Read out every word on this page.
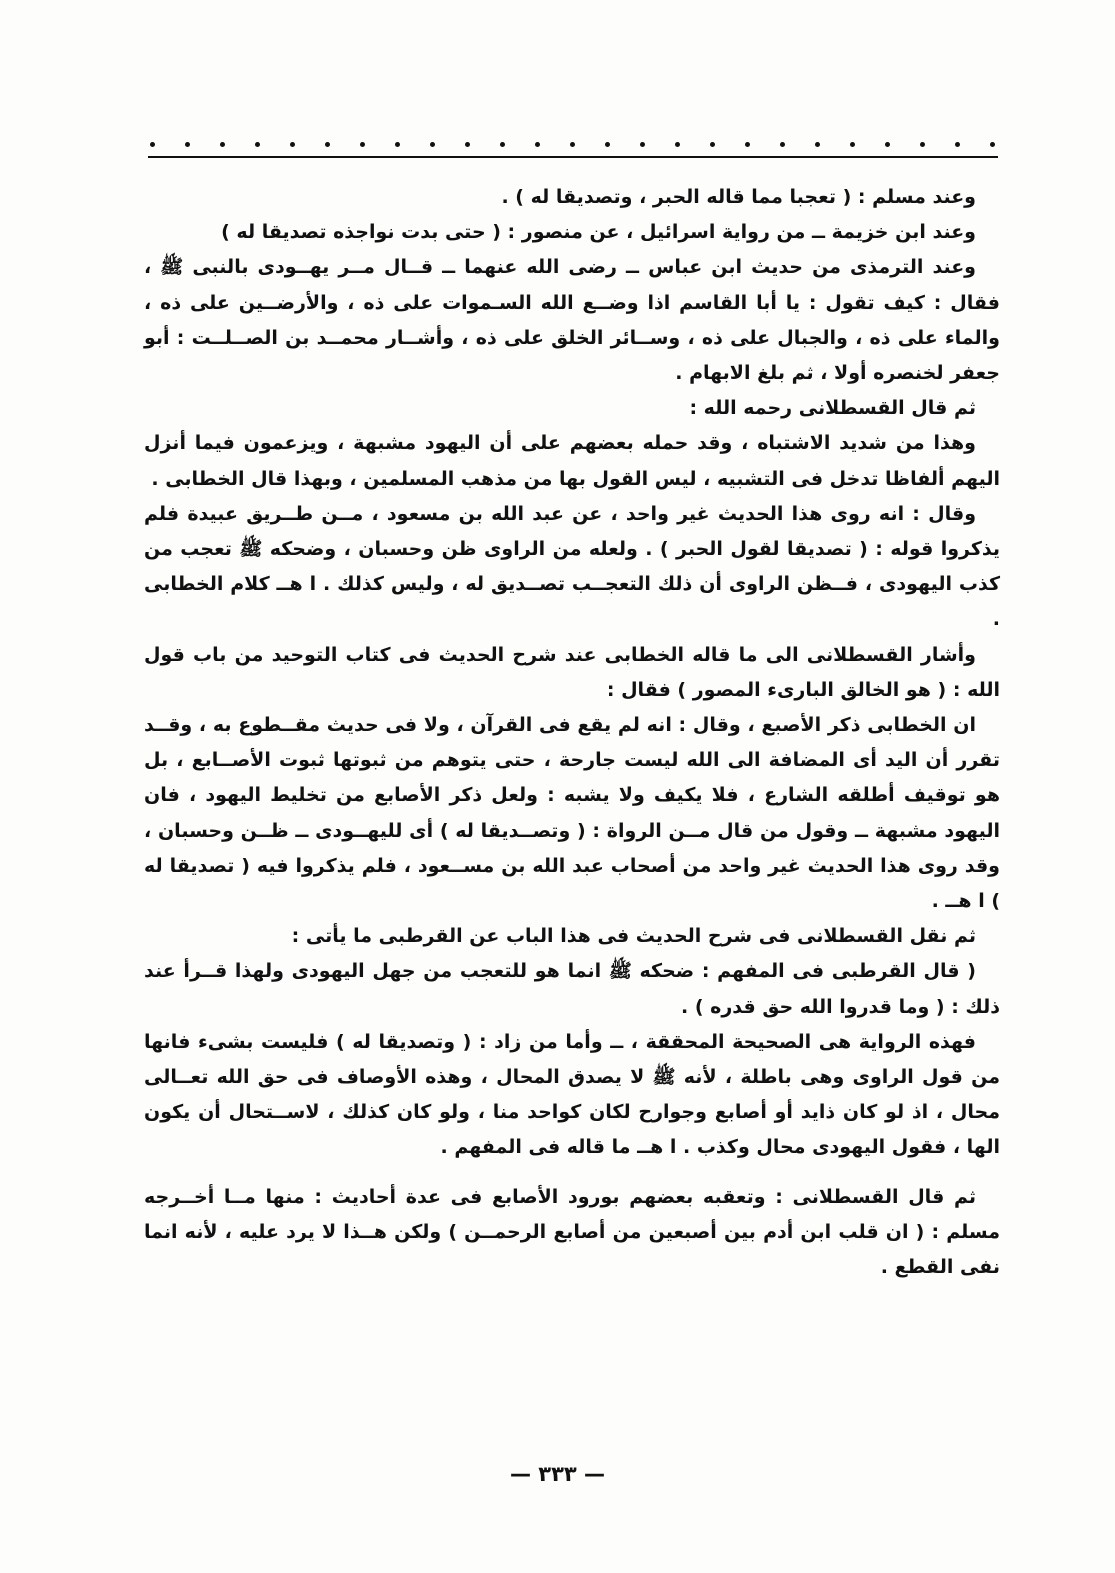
وعند مسلم : ( تعجبا مما قاله الحبر ، وتصديقا له ) .

وعند ابن خزيمة ــ من رواية اسرائيل ، عن منصور : ( حتى بدت نواجذه تصديقا له )

وعند الترمذى من حديث ابن عباس ــ رضى الله عنهما ــ قــال مــر يهــودى بالنبى ﷺ ، فقال : كيف تقول : يا أبا القاسم اذا وضــع الله السـموات على ذه ، والأرضــين على ذه ، والماء على ذه ، والجبال على ذه ، وســائر الخلق على ذه ، وأشــار محمــد بن الصــلــت : أبو جعفر لخنصره أولا ، ثم بلغ الابهام .

ثم قال القسطلانى رحمه الله :

وهذا من شديد الاشتباه ، وقد حمله بعضهم على أن اليهود مشبهة ، ويزعمون فيما أنزل اليهم ألفاظا تدخل فى التشبيه ، ليس القول بها من مذهب المسلمين ، وبهذا قال الخطابى .

وقال : انه روى هذا الحديث غير واحد ، عن عبد الله بن مسعود ، مــن طــريق عبيدة فلم يذكروا قوله : ( تصديقا لقول الحبر ) . ولعله من الراوى ظن وحسبان ، وضحكه ﷺ تعجب من كذب اليهودى ، فــظن الراوى أن ذلك التعجــب تصــديق له ، وليس كذلك . ا هــ كلام الخطابى .

وأشار القسطلانى الى ما قاله الخطابى عند شرح الحديث فى كتاب التوحيد من باب قول الله : ( هو الخالق البارىء المصور ) فقال :

ان الخطابى ذكر الأصبع ، وقال : انه لم يقع فى القرآن ، ولا فى حديث مقــطوع به ، وقــد تقرر أن اليد أى المضافة الى الله ليست جارحة ، حتى يتوهم من ثبوتها ثبوت الأصــابع ، بل هو توقيف أطلقه الشارع ، فلا يكيف ولا يشبه : ولعل ذكر الأصابع من تخليط اليهود ، فان اليهود مشبهة ــ وقول من قال مــن الرواة : ( وتصــديقا له ) أى لليهــودى ــ ظــن وحسبان ، وقد روى هذا الحديث غير واحد من أصحاب عبد الله بن مســعود ، فلم يذكروا فيه ( تصديقا له ) ا هــ .

ثم نقل القسطلانى فى شرح الحديث فى هذا الباب عن القرطبى ما يأتى :

( قال القرطبى فى المفهم : ضحكه ﷺ انما هو للتعجب من جهل اليهودى ولهذا قــرأ عند ذلك : ( وما قدروا الله حق قدره ) .

فهذه الرواية هى الصحيحة المحققة ، ــ وأما من زاد : ( وتصديقا له ) فليست بشىء فانها من قول الراوى وهى باطلة ، لأنه ﷺ لا يصدق المحال ، وهذه الأوصاف فى حق الله تعــالى محال ، اذ لو كان ذايد أو أصابع وجوارح لكان كواحد منا ، ولو كان كذلك ، لاســتحال أن يكون الها ، فقول اليهودى محال وكذب . ا هــ ما قاله فى المفهم .

ثم قال القسطلانى : وتعقبه بعضهم بورود الأصابع فى عدة أحاديث : منها مــا أخــرجه مسلم : ( ان قلب ابن أدم بين أصبعين من أصابع الرحمــن ) ولكن هــذا لا يرد عليه ، لأنه انما نفى القطع .

— ٣٣٣ —
